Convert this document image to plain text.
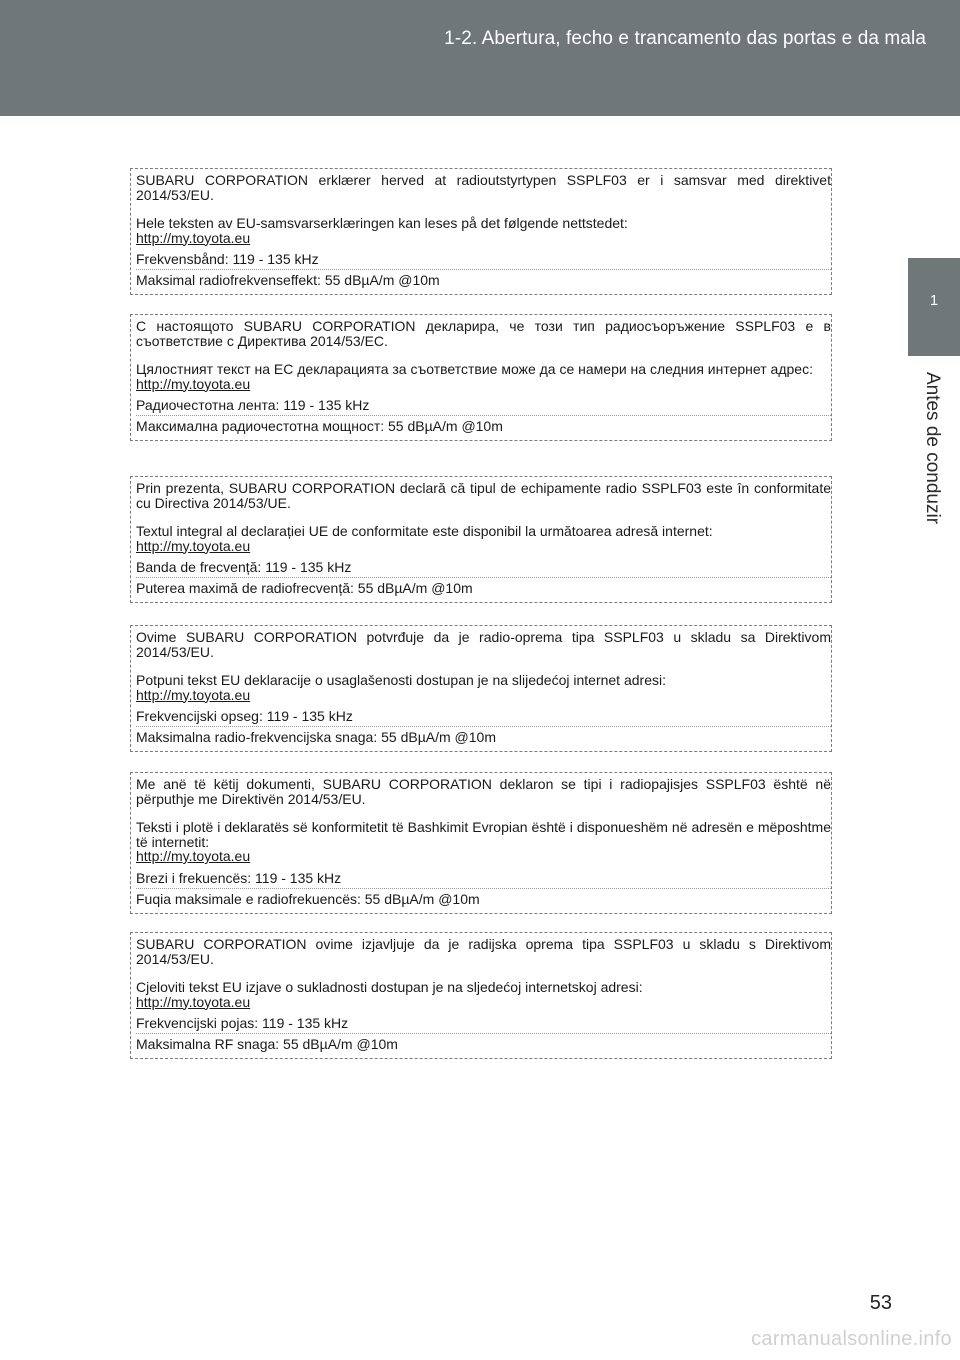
1-2. Abertura, fecho e trancamento das portas e da mala
1
Antes de conduzir

SUBARU CORPORATION erklærer herved at radioutstyrtypen SSPLF03 er i samsvar med direktivet 2014/53/EU.

Hele teksten av EU-samsvarserklæringen kan leses på det følgende nettstedet:

http://my.toyota.eu
Frekvensbånd: 119 - 135 kHz
Maksimal radiofrekvenseffekt: 55 dBµA/m @10m

С настоящото SUBARU CORPORATION декларира, че този тип радиосъоръжение SSPLF03 е в съответствие с Директива 2014/53/ЕС.

Цялостният текст на ЕС декларацията за съответствие може да се намери на следния интернет адрес:

http://my.toyota.eu
Радиочестотна лента: 119 - 135 kHz
Максимална радиочестотна мощност: 55 dBµA/m @10m

Prin prezenta, SUBARU CORPORATION declară că tipul de echipamente radio SSPLF03 este în conformitate cu Directiva 2014/53/UE.

Textul integral al declarației UE de conformitate este disponibil la următoarea adresă internet:

http://my.toyota.eu
Banda de frecvență: 119 - 135 kHz
Puterea maximă de radiofrecvență: 55 dBµA/m @10m

Ovime SUBARU CORPORATION potvrđuje da je radio-oprema tipa SSPLF03 u skladu sa Direktivom 2014/53/EU.

Potpuni tekst EU deklaracije o usaglašenosti dostupan je na slijedećoj internet adresi:

http://my.toyota.eu
Frekvencijski opseg: 119 - 135 kHz
Maksimalna radio-frekvencijska snaga: 55 dBµA/m @10m

Me anë të këtij dokumenti, SUBARU CORPORATION deklaron se tipi i radiopajisjes SSPLF03 është në përputhje me Direktivën 2014/53/EU.

Teksti i plotë i deklaratës së konformitetit të Bashkimit Evropian është i disponueshëm në adresën e mëposhtme të internetit:

http://my.toyota.eu
Brezi i frekuencës: 119 - 135 kHz
Fuqia maksimale e radiofrekuencës: 55 dBµA/m @10m

SUBARU CORPORATION ovime izjavljuje da je radijska oprema tipa SSPLF03 u skladu s Direktivom 2014/53/EU.

Cjeloviti tekst EU izjave o sukladnosti dostupan je na sljedećoj internetskoj adresi:

http://my.toyota.eu
Frekvencijski pojas: 119 - 135 kHz
Maksimalna RF snaga: 55 dBµA/m @10m
53
carmanualsonline.info
